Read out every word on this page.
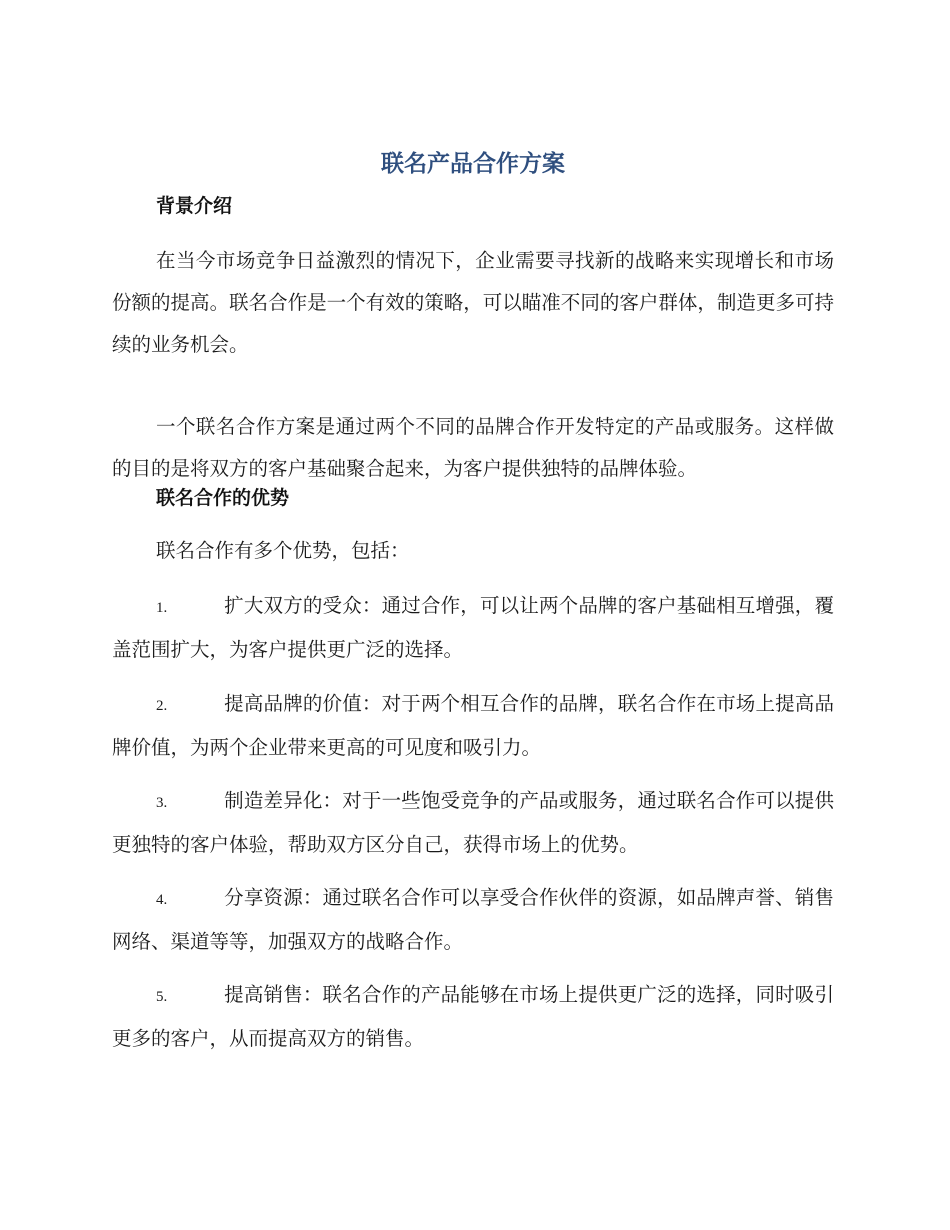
联名产品合作方案
背景介绍

在当今市场竞争日益激烈的情况下，企业需要寻找新的战略来实现增长和市场份额的提高。联名合作是一个有效的策略，可以瞄准不同的客户群体，制造更多可持续的业务机会。

一个联名合作方案是通过两个不同的品牌合作开发特定的产品或服务。这样做的目的是将双方的客户基础聚合起来，为客户提供独特的品牌体验。

联名合作的优势

联名合作有多个优势，包括：

1.	扩大双方的受众：通过合作，可以让两个品牌的客户基础相互增强，覆盖范围扩大，为客户提供更广泛的选择。

2.	提高品牌的价值：对于两个相互合作的品牌，联名合作在市场上提高品牌价值，为两个企业带来更高的可见度和吸引力。

3.	制造差异化：对于一些饱受竞争的产品或服务，通过联名合作可以提供更独特的客户体验，帮助双方区分自己，获得市场上的优势。

4.	分享资源：通过联名合作可以享受合作伙伴的资源，如品牌声誉、销售网络、渠道等等，加强双方的战略合作。

5.	提高销售：联名合作的产品能够在市场上提供更广泛的选择，同时吸引更多的客户，从而提高双方的销售。
